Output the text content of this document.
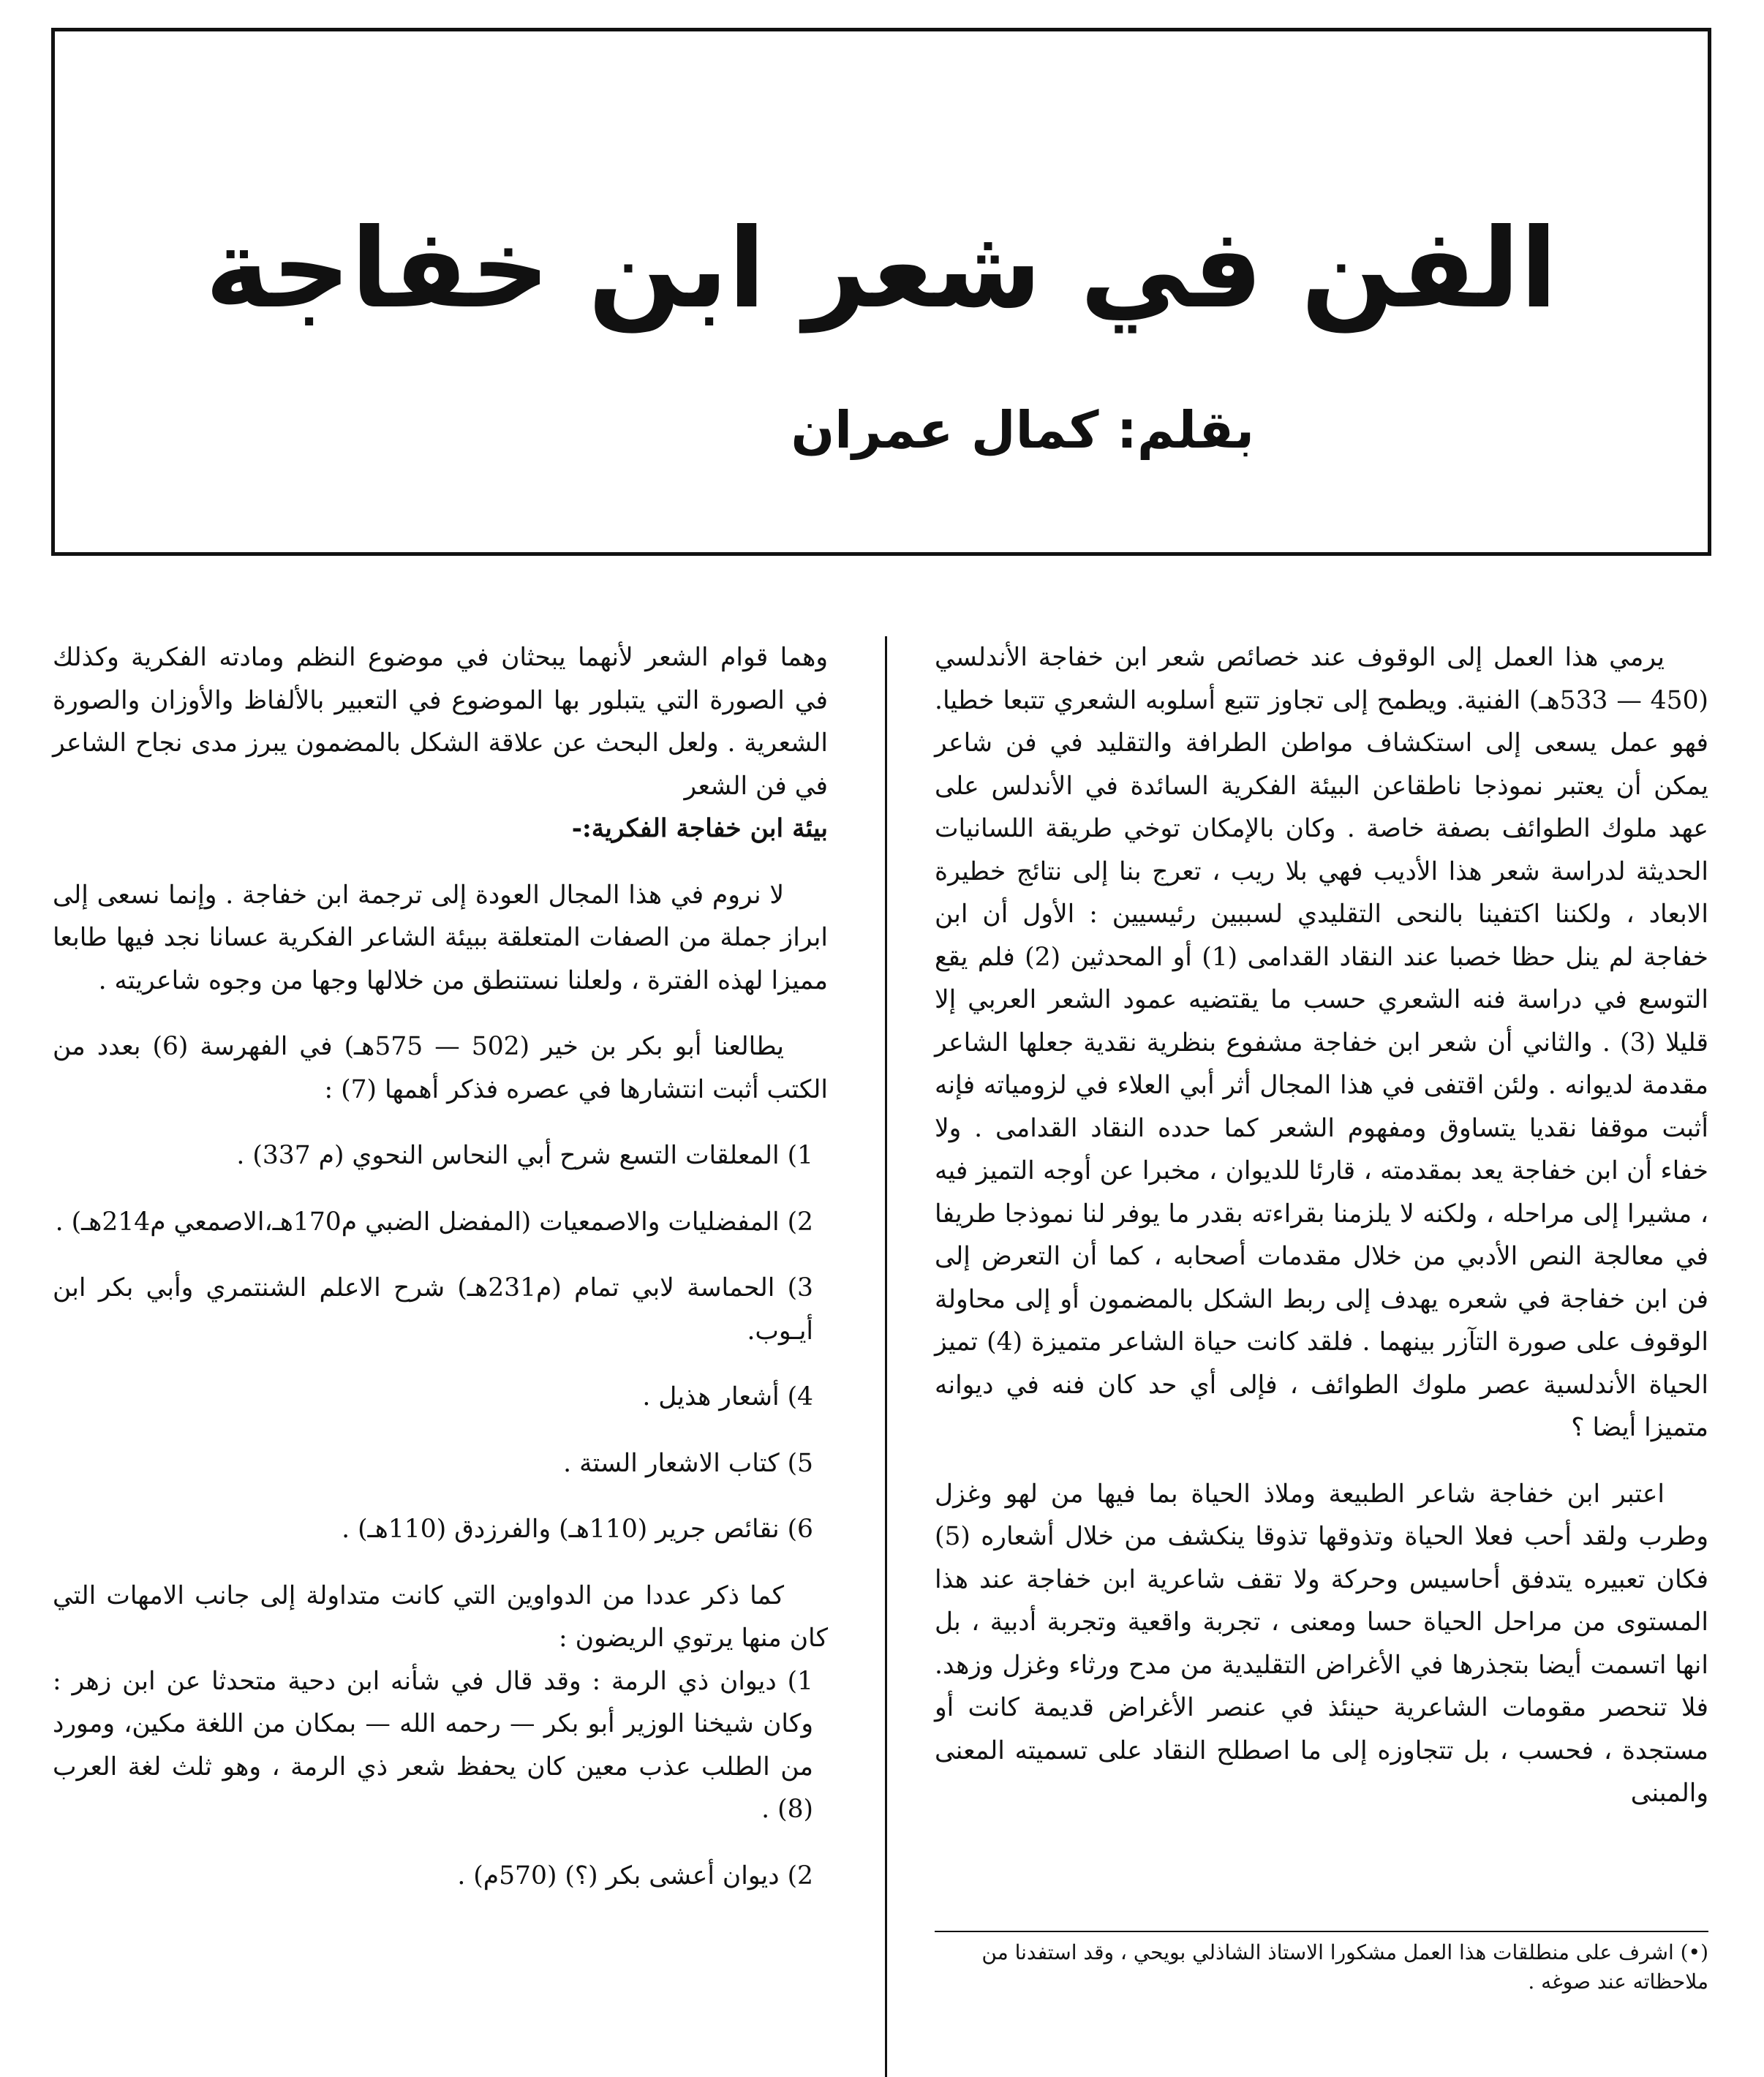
الفن في شعر ابن خفاجة
بقلم: كمال عمران

يرمي هذا العمل إلى الوقوف عند خصائص شعر ابن خفاجة الأندلسي (450 — 533هـ) الفنية. ويطمح إلى تجاوز تتبع أسلوبه الشعري تتبعا خطيا. فهو عمل يسعى إلى استكشاف مواطن الطرافة والتقليد في فن شاعر يمكن أن يعتبر نموذجا ناطقاعن البيئة الفكرية السائدة في الأندلس على عهد ملوك الطوائف بصفة خاصة . وكان بالإمكان توخي طريقة اللسانيات الحديثة لدراسة شعر هذا الأديب فهي بلا ريب ، تعرج بنا إلى نتائج خطيرة الابعاد ، ولكننا اكتفينا بالنحى التقليدي لسببين رئيسيين : الأول أن ابن خفاجة لم ينل حظا خصبا عند النقاد القدامى (1) أو المحدثين (2) فلم يقع التوسع في دراسة فنه الشعري حسب ما يقتضيه عمود الشعر العربي إلا قليلا (3) . والثاني أن شعر ابن خفاجة مشفوع بنظرية نقدية جعلها الشاعر مقدمة لديوانه . ولئن اقتفى في هذا المجال أثر أبي العلاء في لزومياته فإنه أثبت موقفا نقديا يتساوق ومفهوم الشعر كما حدده النقاد القدامى . ولا خفاء أن ابن خفاجة يعد بمقدمته ، قارئا للديوان ، مخبرا عن أوجه التميز فيه ، مشيرا إلى مراحله ، ولكنه لا يلزمنا بقراءته بقدر ما يوفر لنا نموذجا طريفا في معالجة النص الأدبي من خلال مقدمات أصحابه ، كما أن التعرض إلى فن ابن خفاجة في شعره يهدف إلى ربط الشكل بالمضمون أو إلى محاولة الوقوف على صورة التآزر بينهما . فلقد كانت حياة الشاعر متميزة (4) تميز الحياة الأندلسية عصر ملوك الطوائف ، فإلى أي حد كان فنه في ديوانه متميزا أيضا ؟

اعتبر ابن خفاجة شاعر الطبيعة وملاذ الحياة بما فيها من لهو وغزل وطرب ولقد أحب فعلا الحياة وتذوقها تذوقا ينكشف من خلال أشعاره (5) فكان تعبيره يتدفق أحاسيس وحركة ولا تقف شاعرية ابن خفاجة عند هذا المستوى من مراحل الحياة حسا ومعنى ، تجربة واقعية وتجربة أدبية ، بل انها اتسمت أيضا بتجذرها في الأغراض التقليدية من مدح ورثاء وغزل وزهد. فلا تنحصر مقومات الشاعرية حينئذ في عنصر الأغراض قديمة كانت أو مستجدة ، فحسب ، بل تتجاوزه إلى ما اصطلح النقاد على تسميته المعنى والمبنى

وهما قوام الشعر لأنهما يبحثان في موضوع النظم ومادته الفكرية وكذلك في الصورة التي يتبلور بها الموضوع في التعبير بالألفاظ والأوزان والصورة الشعرية . ولعل البحث عن علاقة الشكل بالمضمون يبرز مدى نجاح الشاعر في فن الشعر

بيئة ابن خفاجة الفكرية:-

لا نروم في هذا المجال العودة إلى ترجمة ابن خفاجة . وإنما نسعى إلى ابراز جملة من الصفات المتعلقة ببيئة الشاعر الفكرية عسانا نجد فيها طابعا مميزا لهذه الفترة ، ولعلنا نستنطق من خلالها وجها من وجوه شاعريته .

يطالعنا أبو بكر بن خير (502 — 575هـ) في الفهرسة (6) بعدد من الكتب أثبت انتشارها في عصره فذكر أهمها (7) :

1) المعلقات التسع شرح أبي النحاس النحوي (م 337) .

2) المفضليات والاصمعيات (المفضل الضبي م170هـ،الاصمعي م214هـ) .

3) الحماسة لابي تمام (م231هـ) شرح الاعلم الشنتمري وأبي بكر ابن أيـوب.

4) أشعار هذيل .

5) كتاب الاشعار الستة .

6) نقائص جرير (110هـ) والفرزدق (110هـ) .

كما ذكر عددا من الدواوين التي كانت متداولة إلى جانب الامهات التي كان منها يرتوي الريضون :

1) ديوان ذي الرمة : وقد قال في شأنه ابن دحية متحدثا عن ابن زهر : وكان شيخنا الوزير أبو بكر — رحمه الله — بمكان من اللغة مكين، ومورد من الطلب عذب معين كان يحفظ شعر ذي الرمة ، وهو ثلث لغة العرب (8) .

2) ديوان أعشى بكر (؟) (570م) .

(•) اشرف على منطلقات هذا العمل مشكورا الاستاذ الشاذلي بويحي ، وقد استفدنا من ملاحظاته عند صوغه .
